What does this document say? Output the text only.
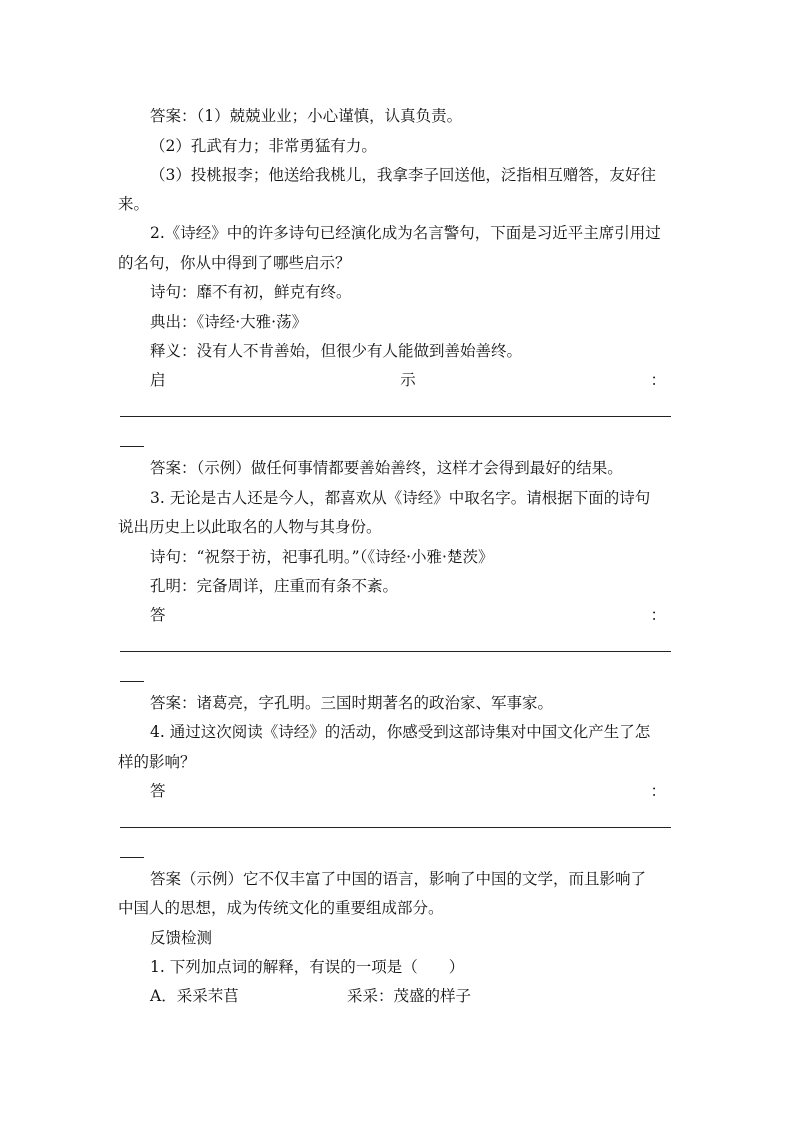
答案：（1）兢兢业业；小心谨慎，认真负责。
（2）孔武有力；非常勇猛有力。
（3）投桃报李；他送给我桃儿，我拿李子回送他，泛指相互赠答，友好往
来。
2.《诗经》中的许多诗句已经演化成为名言警句，下面是习近平主席引用过
的名句，你从中得到了哪些启示？
诗句：靡不有初，鲜克有终。
典出：《诗经·大雅·荡》
释义：没有人不肯善始，但很少有人能做到善始善终。
启	示	：
答案：（示例）做任何事情都要善始善终，这样才会得到最好的结果。
3. 无论是古人还是今人，都喜欢从《诗经》中取名字。请根据下面的诗句
说出历史上以此取名的人物与其身份。
诗句：“祝祭于祊，祀事孔明。”（《诗经·小雅·楚茨》
孔明：完备周详，庄重而有条不紊。
答	：
答案：诸葛亮，字孔明。三国时期著名的政治家、军事家。
4. 通过这次阅读《诗经》的活动，你感受到这部诗集对中国文化产生了怎
样的影响？
答	：
答案（示例）它不仅丰富了中国的语言，影响了中国的文学，而且影响了
中国人的思想，成为传统文化的重要组成部分。
反馈检测
1. 下列加点词的解释，有误的一项是（　　）
A．采采芣苢	采采：茂盛的样子
